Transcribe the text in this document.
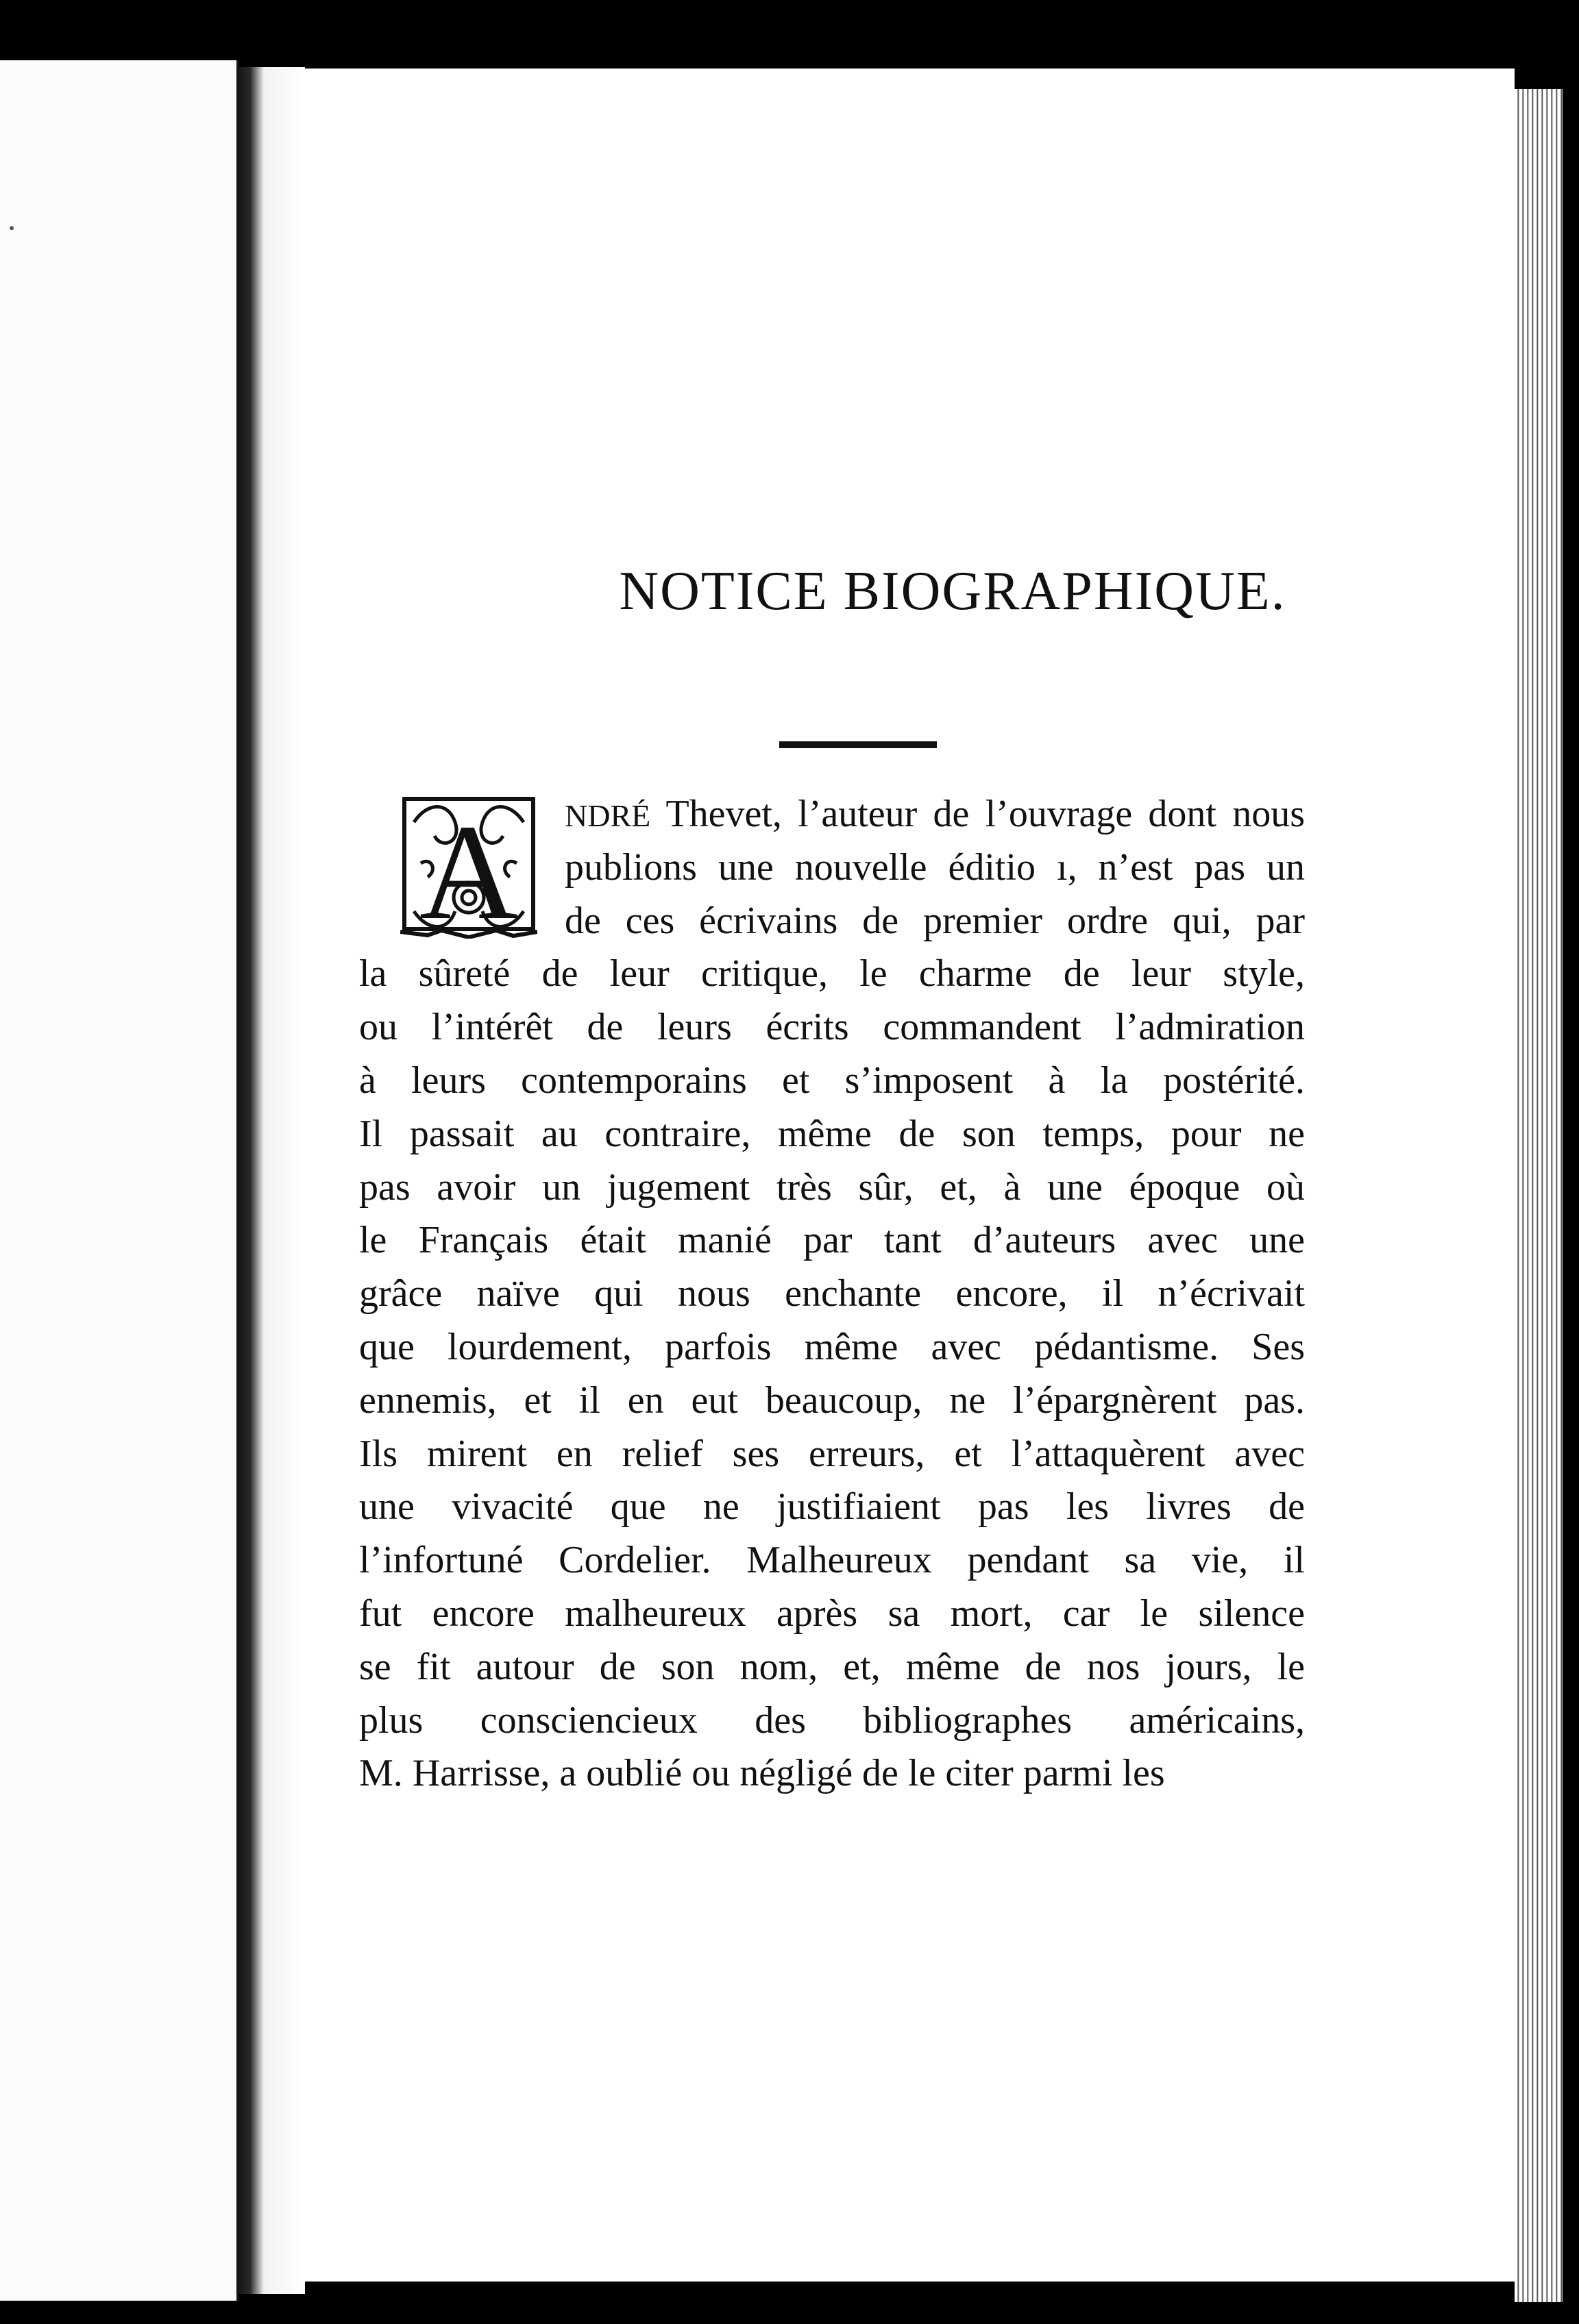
NOTICE BIOGRAPHIQUE.
A	NDRÉ Thevet, l’auteur de l’ouvrage dont nous
publions une nouvelle éditio ı, n’est pas un
de ces écrivains de premier ordre qui, par
la sûreté de leur critique, le charme de leur style,
ou l’intérêt de leurs écrits commandent l’admiration
à leurs contemporains et s’imposent à la postérité.
Il passait au contraire, même de son temps, pour ne
pas avoir un jugement très sûr, et, à une époque où
le Français était manié par tant d’auteurs avec une
grâce naïve qui nous enchante encore, il n’écrivait
que lourdement, parfois même avec pédantisme. Ses
ennemis, et il en eut beaucoup, ne l’épargnèrent pas.
Ils mirent en relief ses erreurs, et l’attaquèrent avec
une vivacité que ne justifiaient pas les livres de
l’infortuné Cordelier. Malheureux pendant sa vie, il
fut encore malheureux après sa mort, car le silence
se fit autour de son nom, et, même de nos jours, le
plus consciencieux des bibliographes américains,
M. Harrisse, a oublié ou négligé de le citer parmi les
